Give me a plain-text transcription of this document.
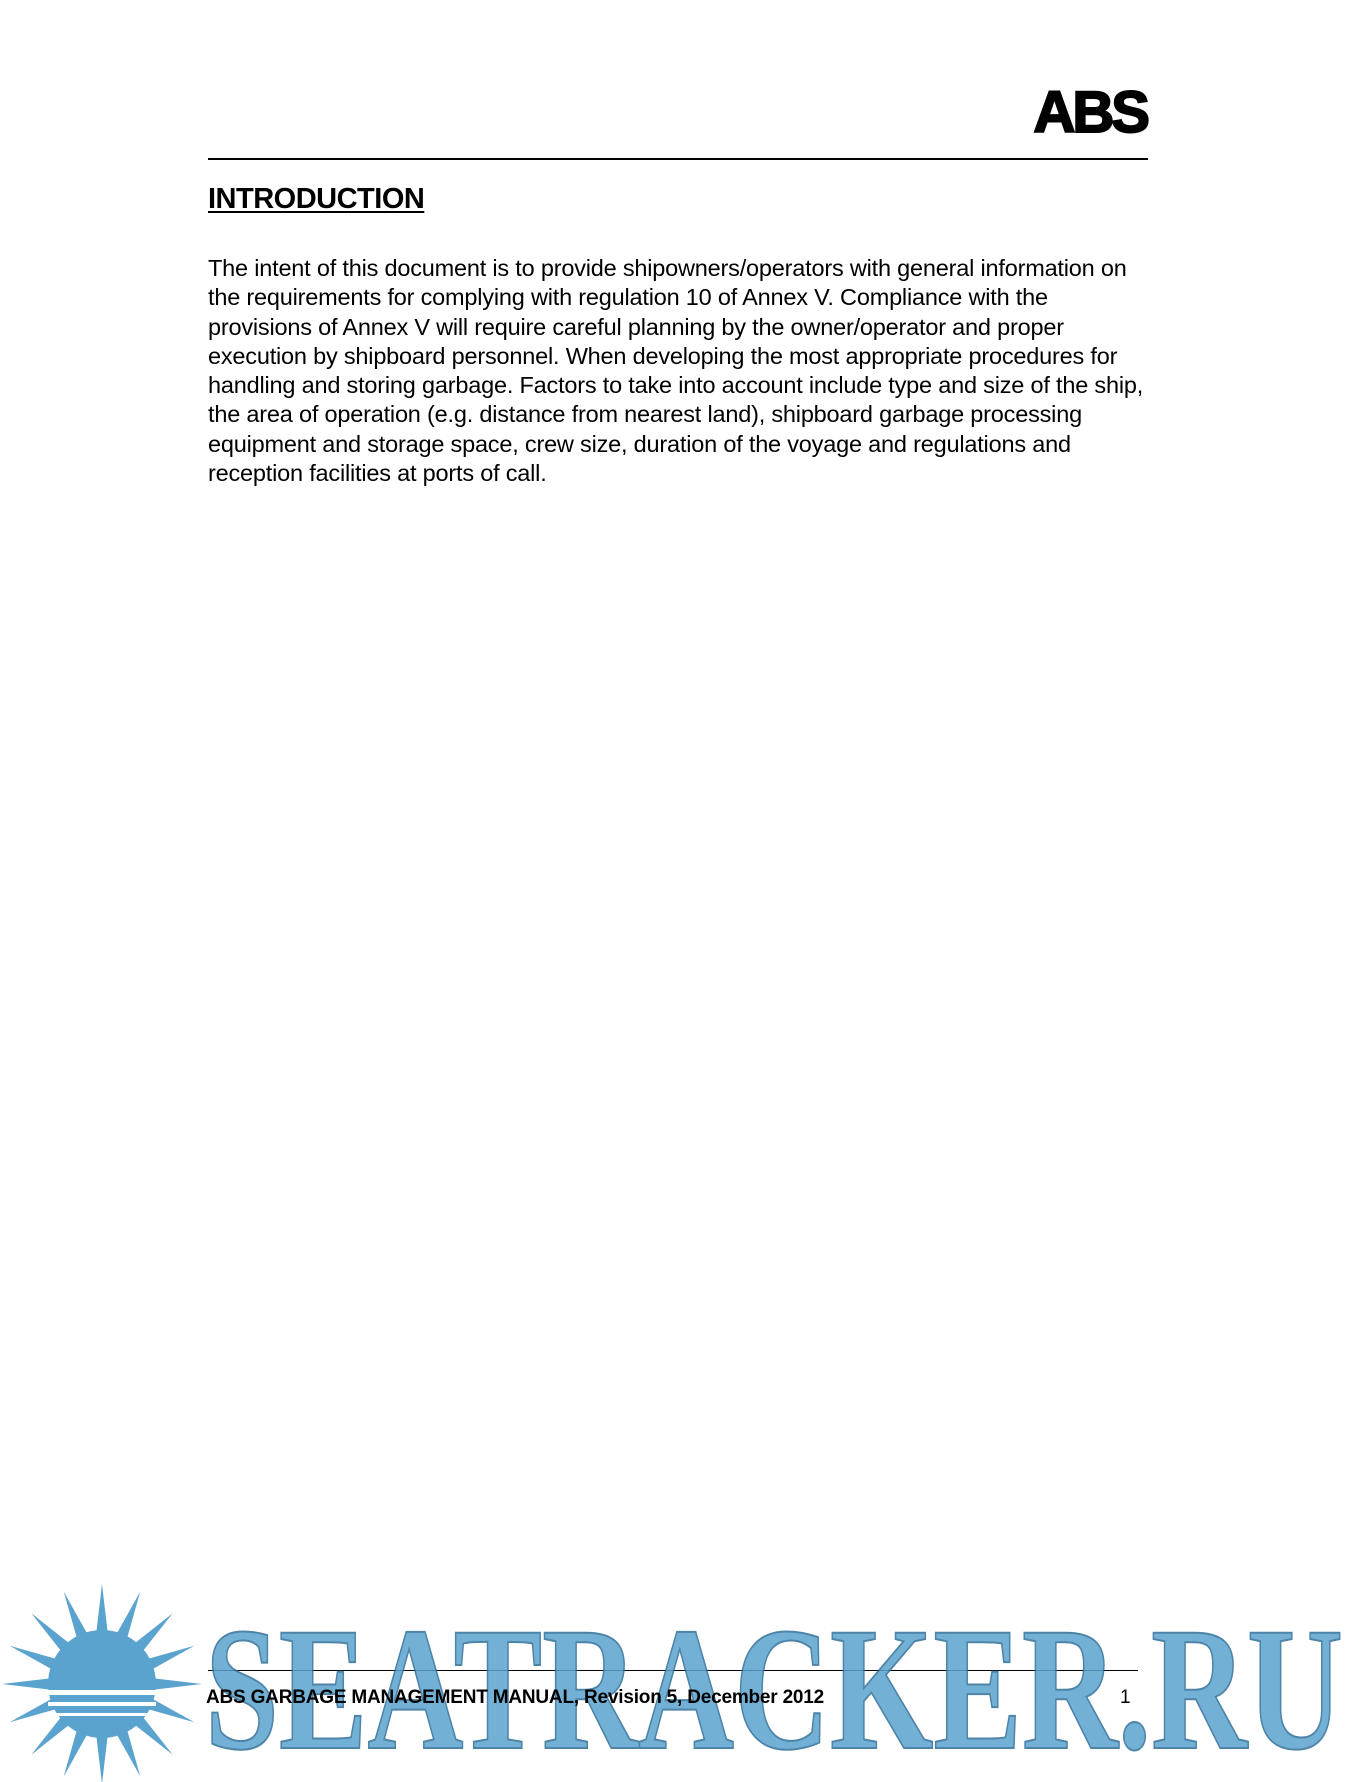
ABS
INTRODUCTION

The intent of this document is to provide shipowners/operators with general information on the requirements for complying with regulation 10 of Annex V. Compliance with the provisions of Annex V will require careful planning by the owner/operator and proper execution by shipboard personnel. When developing the most appropriate procedures for handling and storing garbage. Factors to take into account include type and size of the ship, the area of operation (e.g. distance from nearest land), shipboard garbage processing equipment and storage space, crew size, duration of the voyage and regulations and reception facilities at ports of call.

ABS GARBAGE MANAGEMENT MANUAL, Revision 5, December 2012	1
SEATRACKER.RU
